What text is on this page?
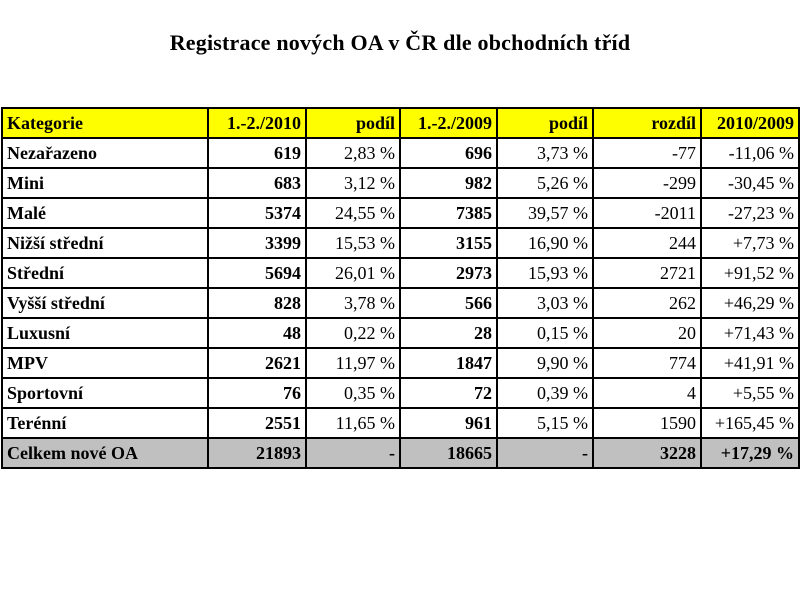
Registrace nových OA v ČR dle obchodních tříd
Kategorie	1.-2./2010	podíl	1.-2./2009	podíl	rozdíl	2010/2009
Nezařazeno	619	2,83 %	696	3,73 %	-77	-11,06 %
Mini	683	3,12 %	982	5,26 %	-299	-30,45 %
Malé	5374	24,55 %	7385	39,57 %	-2011	-27,23 %
Nižší střední	3399	15,53 %	3155	16,90 %	244	+7,73 %
Střední	5694	26,01 %	2973	15,93 %	2721	+91,52 %
Vyšší střední	828	3,78 %	566	3,03 %	262	+46,29 %
Luxusní	48	0,22 %	28	0,15 %	20	+71,43 %
MPV	2621	11,97 %	1847	9,90 %	774	+41,91 %
Sportovní	76	0,35 %	72	0,39 %	4	+5,55 %
Terénní	2551	11,65 %	961	5,15 %	1590	+165,45 %
Celkem nové OA	21893	-	18665	-	3228	+17,29 %
